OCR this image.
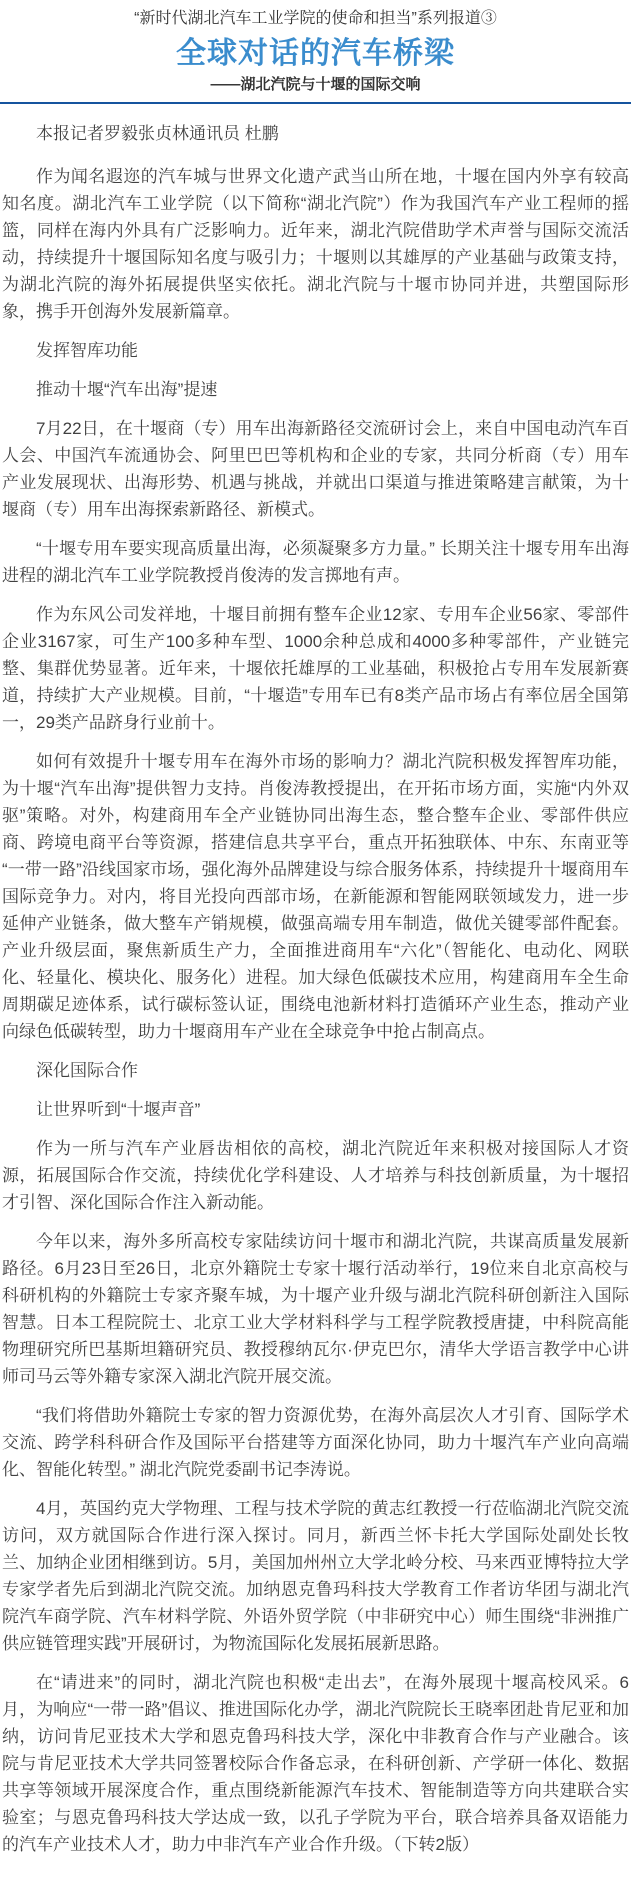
“新时代湖北汽车工业学院的使命和担当”系列报道③
全球对话的汽车桥梁
——湖北汽院与十堰的国际交响

本报记者罗毅张贞林通讯员 杜鹏

作为闻名遐迩的汽车城与世界文化遗产武当山所在地，十堰在国内外享有较高知名度。湖北汽车工业学院（以下简称“湖北汽院”）作为我国汽车产业工程师的摇篮，同样在海内外具有广泛影响力。近年来，湖北汽院借助学术声誉与国际交流活动，持续提升十堰国际知名度与吸引力；十堰则以其雄厚的产业基础与政策支持，为湖北汽院的海外拓展提供坚实依托。湖北汽院与十堰市协同并进，共塑国际形象，携手开创海外发展新篇章。

发挥智库功能

推动十堰“汽车出海”提速

7月22日，在十堰商（专）用车出海新路径交流研讨会上，来自中国电动汽车百人会、中国汽车流通协会、阿里巴巴等机构和企业的专家，共同分析商（专）用车产业发展现状、出海形势、机遇与挑战，并就出口渠道与推进策略建言献策，为十堰商（专）用车出海探索新路径、新模式。

“十堰专用车要实现高质量出海，必须凝聚多方力量。” 长期关注十堰专用车出海进程的湖北汽车工业学院教授肖俊涛的发言掷地有声。

作为东风公司发祥地，十堰目前拥有整车企业12家、专用车企业56家、零部件企业3167家，可生产100多种车型、1000余种总成和4000多种零部件，产业链完整、集群优势显著。近年来，十堰依托雄厚的工业基础，积极抢占专用车发展新赛道，持续扩大产业规模。目前，“十堰造”专用车已有8类产品市场占有率位居全国第一，29类产品跻身行业前十。

如何有效提升十堰专用车在海外市场的影响力？湖北汽院积极发挥智库功能，为十堰“汽车出海”提供智力支持。肖俊涛教授提出，在开拓市场方面，实施“内外双驱”策略。对外，构建商用车全产业链协同出海生态，整合整车企业、零部件供应商、跨境电商平台等资源，搭建信息共享平台，重点开拓独联体、中东、东南亚等“一带一路”沿线国家市场，强化海外品牌建设与综合服务体系，持续提升十堰商用车国际竞争力。对内，将目光投向西部市场，在新能源和智能网联领域发力，进一步延伸产业链条，做大整车产销规模，做强高端专用车制造，做优关键零部件配套。产业升级层面，聚焦新质生产力，全面推进商用车“六化”（智能化、电动化、网联化、轻量化、模块化、服务化）进程。加大绿色低碳技术应用，构建商用车全生命周期碳足迹体系，试行碳标签认证，围绕电池新材料打造循环产业生态，推动产业向绿色低碳转型，助力十堰商用车产业在全球竞争中抢占制高点。

深化国际合作

让世界听到“十堰声音”

作为一所与汽车产业唇齿相依的高校，湖北汽院近年来积极对接国际人才资源，拓展国际合作交流，持续优化学科建设、人才培养与科技创新质量，为十堰招才引智、深化国际合作注入新动能。

今年以来，海外多所高校专家陆续访问十堰市和湖北汽院，共谋高质量发展新路径。6月23日至26日，北京外籍院士专家十堰行活动举行，19位来自北京高校与科研机构的外籍院士专家齐聚车城，为十堰产业升级与湖北汽院科研创新注入国际智慧。日本工程院院士、北京工业大学材料科学与工程学院教授唐捷，中科院高能物理研究所巴基斯坦籍研究员、教授穆纳瓦尔·伊克巴尔，清华大学语言教学中心讲师司马云等外籍专家深入湖北汽院开展交流。

“我们将借助外籍院士专家的智力资源优势，在海外高层次人才引育、国际学术交流、跨学科科研合作及国际平台搭建等方面深化协同，助力十堰汽车产业向高端化、智能化转型。” 湖北汽院党委副书记李涛说。

4月，英国约克大学物理、工程与技术学院的黄志红教授一行莅临湖北汽院交流访问，双方就国际合作进行深入探讨。同月，新西兰怀卡托大学国际处副处长牧兰、加纳企业团相继到访。5月，美国加州州立大学北岭分校、马来西亚博特拉大学专家学者先后到湖北汽院交流。加纳恩克鲁玛科技大学教育工作者访华团与湖北汽院汽车商学院、汽车材料学院、外语外贸学院（中非研究中心）师生围绕“非洲推广供应链管理实践”开展研讨，为物流国际化发展拓展新思路。

在“请进来”的同时，湖北汽院也积极“走出去”，在海外展现十堰高校风采。6月，为响应“一带一路”倡议、推进国际化办学，湖北汽院院长王晓率团赴肯尼亚和加纳，访问肯尼亚技术大学和恩克鲁玛科技大学，深化中非教育合作与产业融合。该院与肯尼亚技术大学共同签署校际合作备忘录，在科研创新、产学研一体化、数据共享等领域开展深度合作，重点围绕新能源汽车技术、智能制造等方向共建联合实验室；与恩克鲁玛科技大学达成一致，以孔子学院为平台，联合培养具备双语能力的汽车产业技术人才，助力中非汽车产业合作升级。（下转2版）
